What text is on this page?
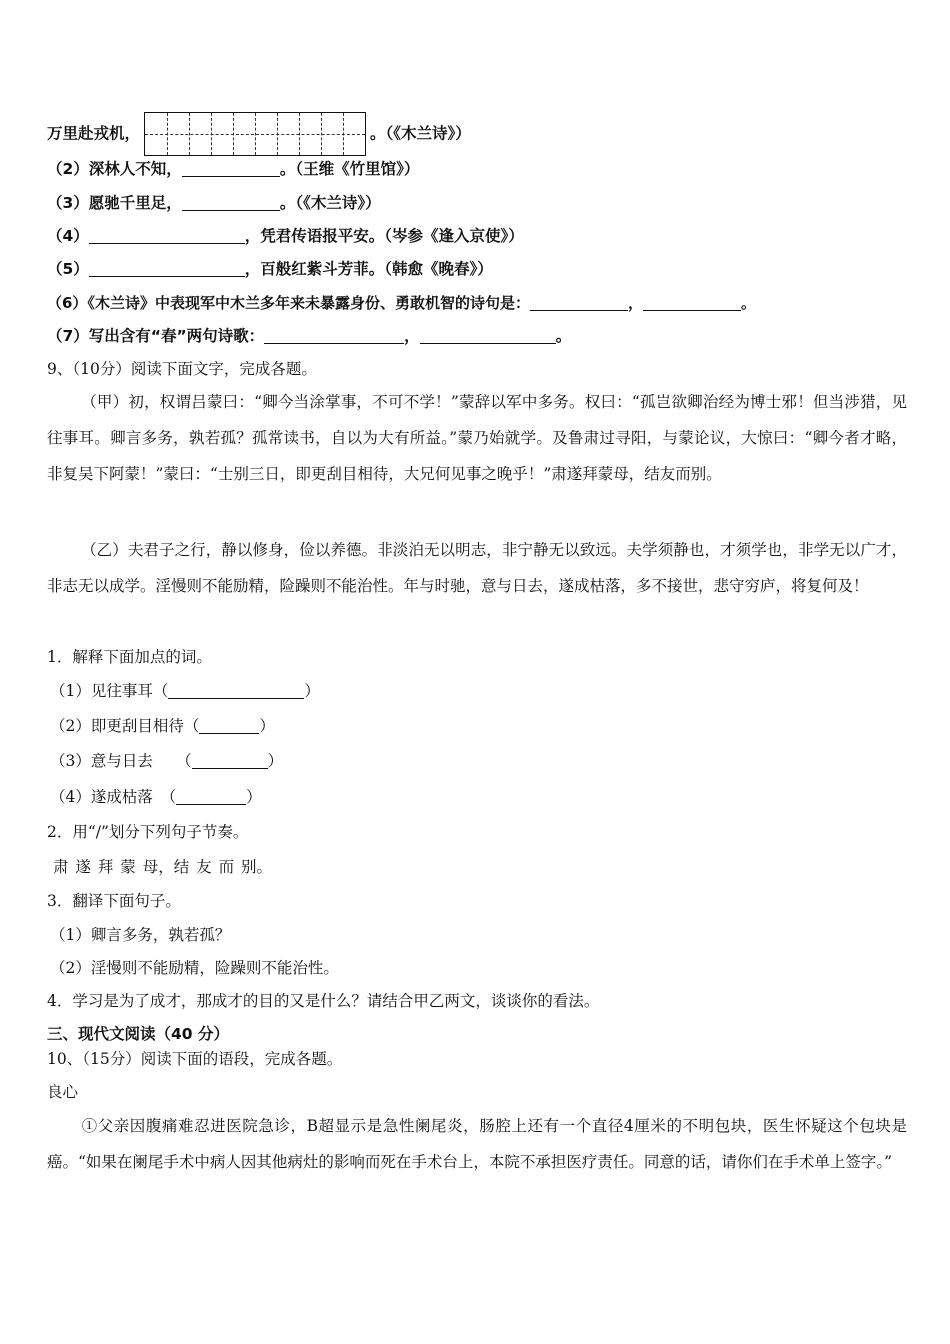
万里赴戎机，	。（《木兰诗》）
（2）深林人不知，	。（王维《竹里馆》）
（3）愿驰千里足，	。（《木兰诗》）
（4）	，凭君传语报平安。（岑参《逢入京使》）
（5）	，百般红紫斗芳菲。（韩愈《晚春》）
（6）《木兰诗》中表现军中木兰多年来未暴露身份、勇敢机智的诗句是：	，	。
（7）写出含有“春”两句诗歌：	，	。
9、（10分）阅读下面文字，完成各题。
（甲）初，权谓吕蒙曰：“卿今当涂掌事，不可不学！”蒙辞以军中多务。权曰：“孤岂欲卿治经为博士邪！但当涉猎，见往事耳。卿言多务，孰若孤？孤常读书，自以为大有所益。”蒙乃始就学。及鲁肃过寻阳，与蒙论议，大惊曰：“卿今者才略，非复吴下阿蒙！”蒙曰：“士别三日，即更刮目相待，大兄何见事之晚乎！”肃遂拜蒙母，结友而别。
（乙）夫君子之行，静以修身，俭以养德。非淡泊无以明志，非宁静无以致远。夫学须静也，才须学也，非学无以广才，非志无以成学。淫慢则不能励精，险躁则不能治性。年与时驰，意与日去，遂成枯落，多不接世，悲守穷庐，将复何及！
1．解释下面加点的词。
（1）见往事耳（	）
（2）即更刮目相待（	）
（3）意与日去　　（	）
（4）遂成枯落　（	）
2．用“/”划分下列句子节奏。
肃 遂 拜 蒙 母，结 友 而 别。
3．翻译下面句子。
（1）卿言多务，孰若孤？
（2）淫慢则不能励精，险躁则不能治性。
4．学习是为了成才，那成才的目的又是什么？请结合甲乙两文，谈谈你的看法。
三、现代文阅读（40 分）
10、（15分）阅读下面的语段，完成各题。
良心
①父亲因腹痛难忍进医院急诊，B超显示是急性阑尾炎，肠腔上还有一个直径4厘米的不明包块，医生怀疑这个包块是癌。“如果在阑尾手术中病人因其他病灶的影响而死在手术台上，本院不承担医疗责任。同意的话，请你们在手术单上签字。”
